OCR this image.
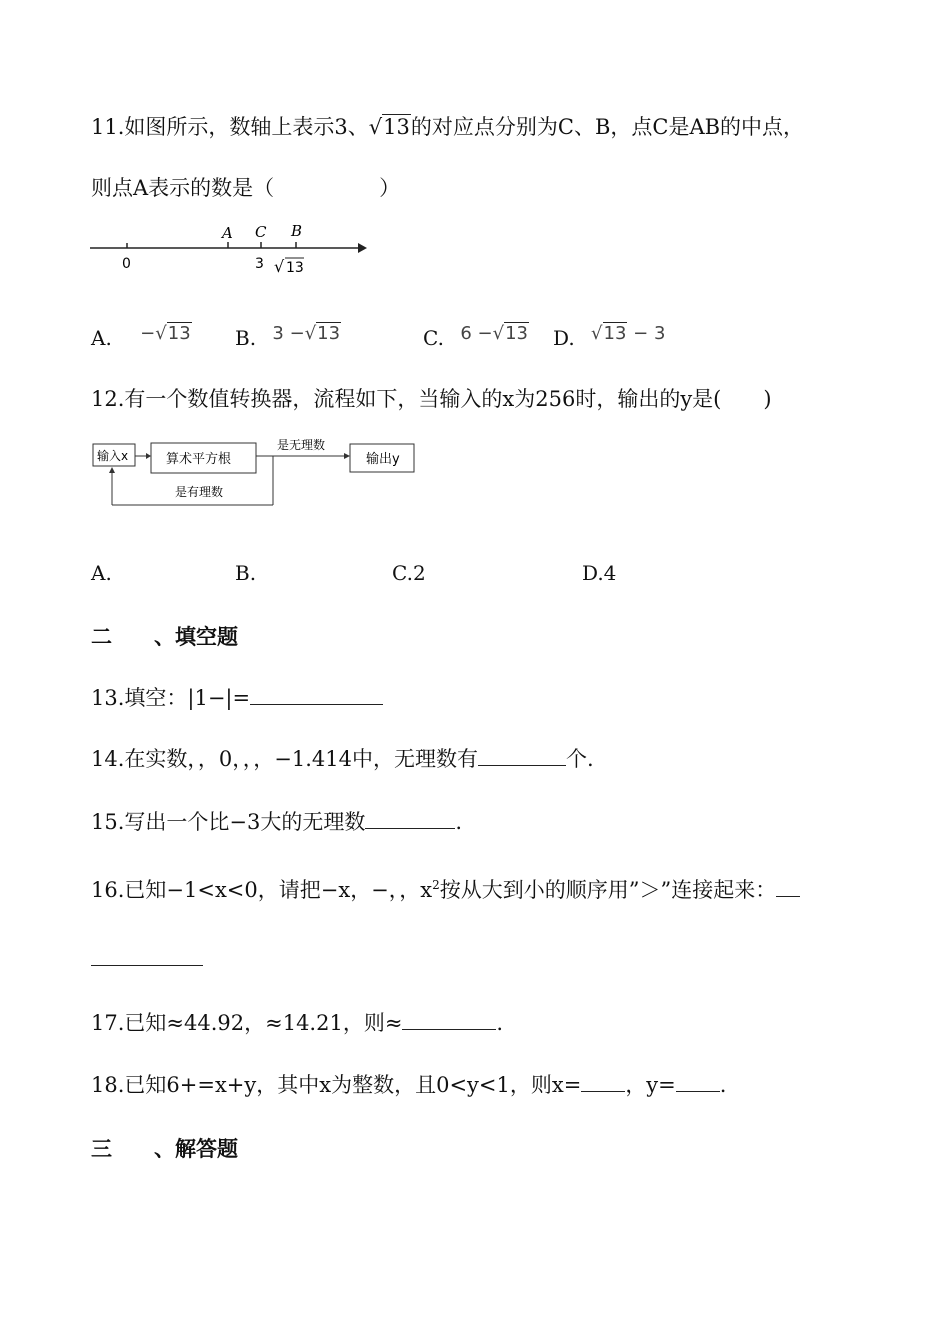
11.如图所示，数轴上表示3、√13的对应点分别为C、B，点C是AB的中点，
则点A表示的数是（　　　　　）
A C B
0	3 √ 13
A. −√13 B. 3 −√13	C. 6 −√13 D. √13 − 3
12.有一个数值转换器，流程如下，当输入的x为256时，输出的y是(　　)
输入x	算术平方根
是无理数
输出y
是有理数
A.	B.	C.2	D.4
二　　、填空题
13.填空：|1−|=
14.在实数，，0，，，−1.414中，无理数有	个.
15.写出一个比−3大的无理数	.
16.已知−1<x<0，请把−x，−，，$x^2$按从大到小的顺序用”＞”连接起来：
17.已知≈44.92，≈14.21，则≈	.
18.已知6+=x+y，其中x为整数，且0<y<1，则x= ，y= .
三　　、解答题
